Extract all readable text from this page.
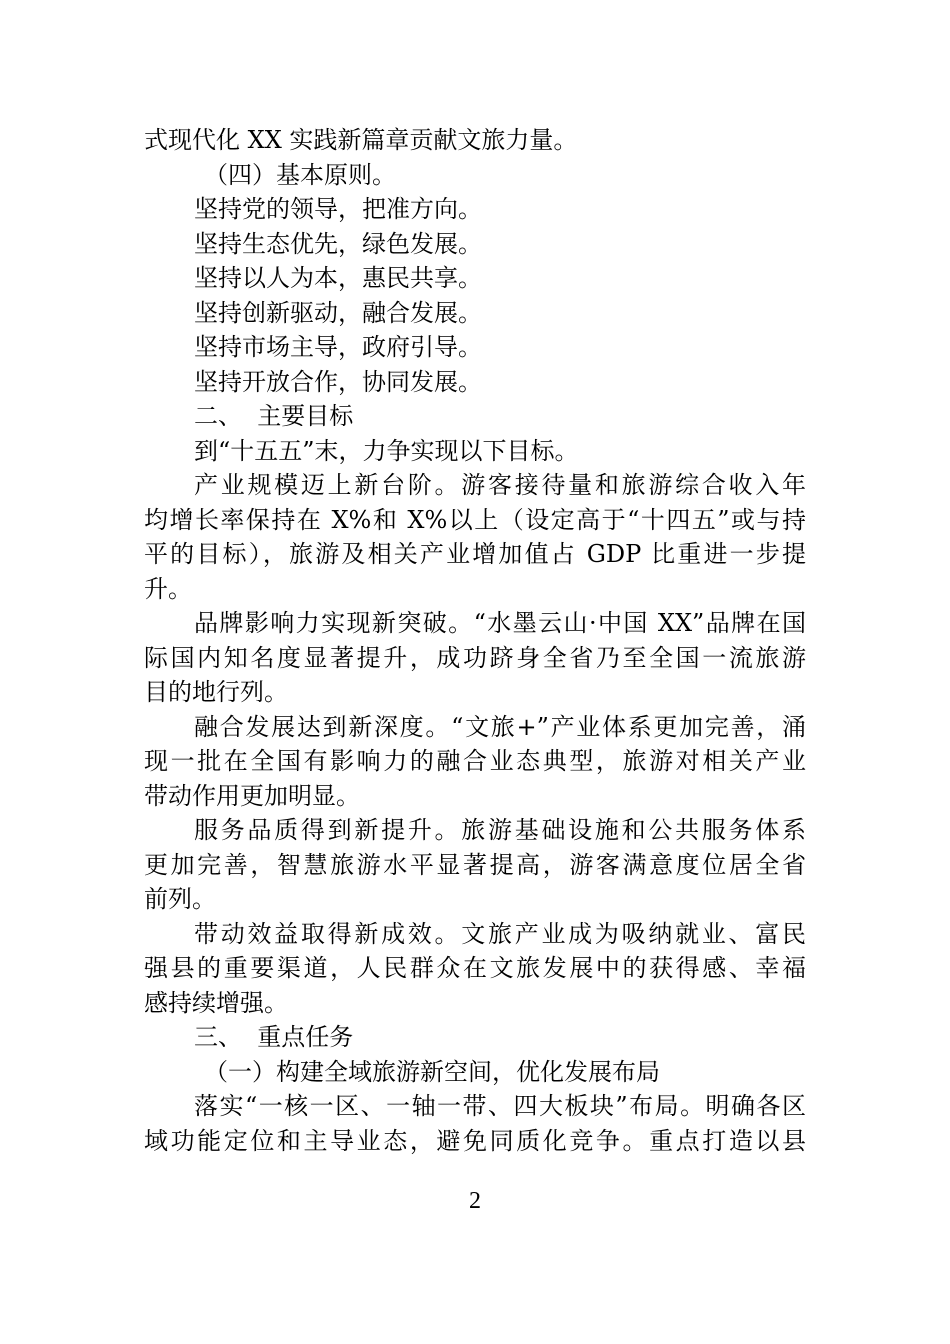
式现代化 XX 实践新篇章贡献文旅力量。
（四）基本原则。
坚持党的领导，把准方向。
坚持生态优先，绿色发展。
坚持以人为本，惠民共享。
坚持创新驱动，融合发展。
坚持市场主导，政府引导。
坚持开放合作，协同发展。
二、  主要目标
到“十五五”末，力争实现以下目标。
产业规模迈上新台阶。游客接待量和旅游综合收入年
均增长率保持在 X%和 X%以上（设定高于“十四五”或与持
平的目标），旅游及相关产业增加值占 GDP 比重进一步提
升。
品牌影响力实现新突破。“水墨云山·中国 XX”品牌在国
际国内知名度显著提升，成功跻身全省乃至全国一流旅游
目的地行列。
融合发展达到新深度。“文旅+”产业体系更加完善，涌
现一批在全国有影响力的融合业态典型，旅游对相关产业
带动作用更加明显。
服务品质得到新提升。旅游基础设施和公共服务体系
更加完善，智慧旅游水平显著提高，游客满意度位居全省
前列。
带动效益取得新成效。文旅产业成为吸纳就业、富民
强县的重要渠道，人民群众在文旅发展中的获得感、幸福
感持续增强。
三、  重点任务
（一）构建全域旅游新空间，优化发展布局
落实“一核一区、一轴一带、四大板块”布局。明确各区
域功能定位和主导业态，避免同质化竞争。重点打造以县
2
